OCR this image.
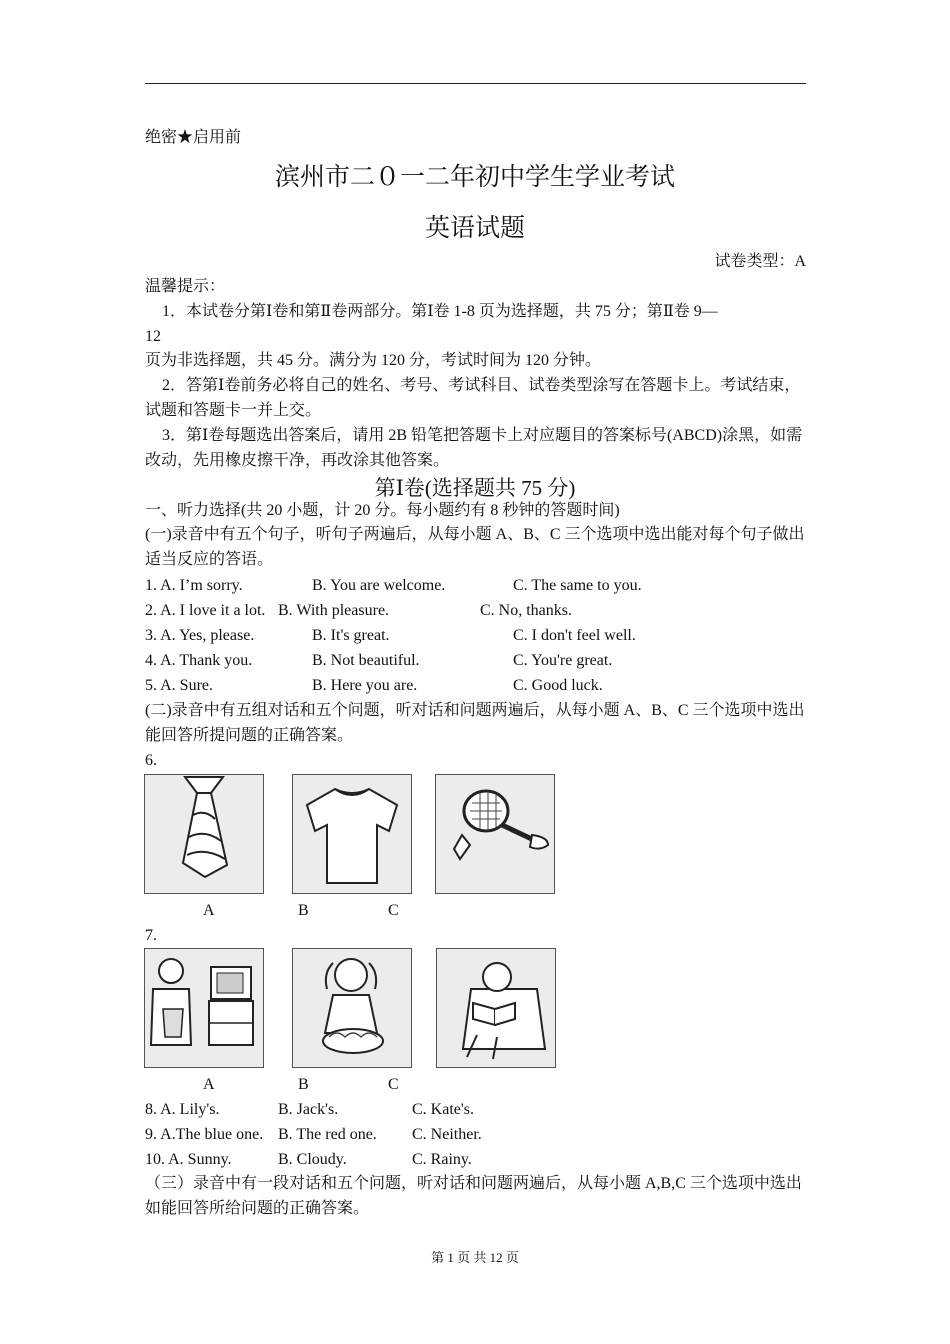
绝密★启用前
滨州市二０一二年初中学生学业考试
英语试题
试卷类型：A
温馨提示：
1．本试卷分第Ⅰ卷和第Ⅱ卷两部分。第Ⅰ卷 1-8 页为选择题，共 75 分；第Ⅱ卷 9—
12
页为非选择题，共 45 分。满分为 120 分，考试时间为 120 分钟。
2．答第Ⅰ卷前务必将自己的姓名、考号、考试科目、试卷类型涂写在答题卡上。考试结束，试题和答题卡一并上交。
3．第Ⅰ卷每题选出答案后，请用 2B 铅笔把答题卡上对应题目的答案标号(ABCD)涂黑，如需改动，先用橡皮擦干净，再改涂其他答案。
第Ⅰ卷(选择题共 75 分)
一、听力选择(共 20 小题，计 20 分。每小题约有 8 秒钟的答题时间)
(一)录音中有五个句子，听句子两遍后，从每小题 A、B、C 三个选项中选出能对每个句子做出适当反应的答语。
1. A. I’m sorry.	B. You are welcome.	C. The same to you.
2. A. I love it a lot. B. With pleasure.	C. No, thanks.
3. A. Yes, please.	B. It's great.	C. I don't feel well.
4. A. Thank you.	B. Not beautiful.	C. You're great.
5. A. Sure.	B. Here you are.	C. Good luck.
(二)录音中有五组对话和五个问题，听对话和问题两遍后，从每小题 A、B、C 三个选项中选出能回答所提问题的正确答案。
6.
A	B	C
7.
A	B	C
8. A. Lily's.	B. Jack's.	C. Kate's.
9. A.The blue one. B. The red one. C. Neither.
10. A. Sunny.	B. Cloudy.	C. Rainy.
（三）录音中有一段对话和五个问题，听对话和问题两遍后，从每小题 A,B,C 三个选项中选出如能回答所给问题的正确答案。
第 1 页 共 12 页
